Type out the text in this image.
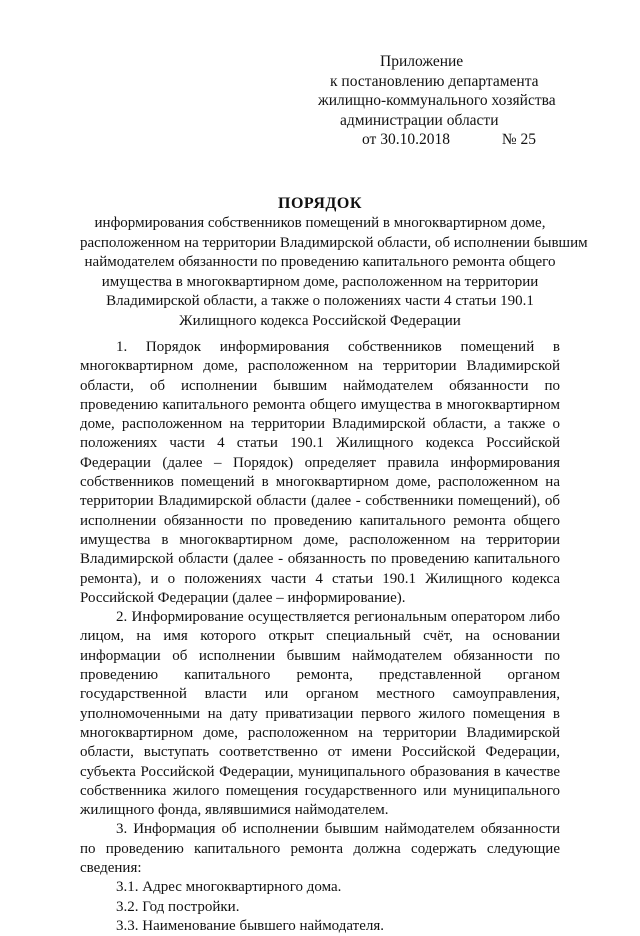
Приложение
к постановлению департамента
жилищно-коммунального хозяйства
администрации области
от 30.10.2018	№ 25
ПОРЯДОК
информирования собственников помещений в многоквартирном доме,
расположенном на территории Владимирской области, об исполнении бывшим
наймодателем обязанности по проведению капитального ремонта общего
имущества в многоквартирном доме, расположенном на территории
Владимирской области, а также о положениях части 4 статьи 190.1
Жилищного кодекса Российской Федерации

1. Порядок информирования собственников помещений в многоквартирном доме, расположенном на территории Владимирской области, об исполнении бывшим наймодателем обязанности по проведению капитального ремонта общего имущества в многоквартирном доме, расположенном на территории Владимирской области, а также о положениях части 4 статьи 190.1 Жилищного кодекса Российской Федерации (далее – Порядок) определяет правила информирования собственников помещений в многоквартирном доме, расположенном на территории Владимирской области (далее - собственники помещений), об исполнении обязанности по проведению капитального ремонта общего имущества в многоквартирном доме, расположенном на территории Владимирской области (далее - обязанность по проведению капитального ремонта), и о положениях части 4 статьи 190.1 Жилищного кодекса Российской Федерации (далее – информирование).

2. Информирование осуществляется региональным оператором либо лицом, на имя которого открыт специальный счёт, на основании информации об исполнении бывшим наймодателем обязанности по проведению капитального ремонта, представленной органом государственной власти или органом местного самоуправления, уполномоченными на дату приватизации первого жилого помещения в многоквартирном доме, расположенном на территории Владимирской области, выступать соответственно от имени Российской Федерации, субъекта Российской Федерации, муниципального образования в качестве собственника жилого помещения государственного или муниципального жилищного фонда, являвшимися наймодателем.

3. Информация об исполнении бывшим наймодателем обязанности по проведению капитального ремонта должна содержать следующие сведения:

3.1. Адрес многоквартирного дома.

3.2. Год постройки.

3.3. Наименование бывшего наймодателя.
